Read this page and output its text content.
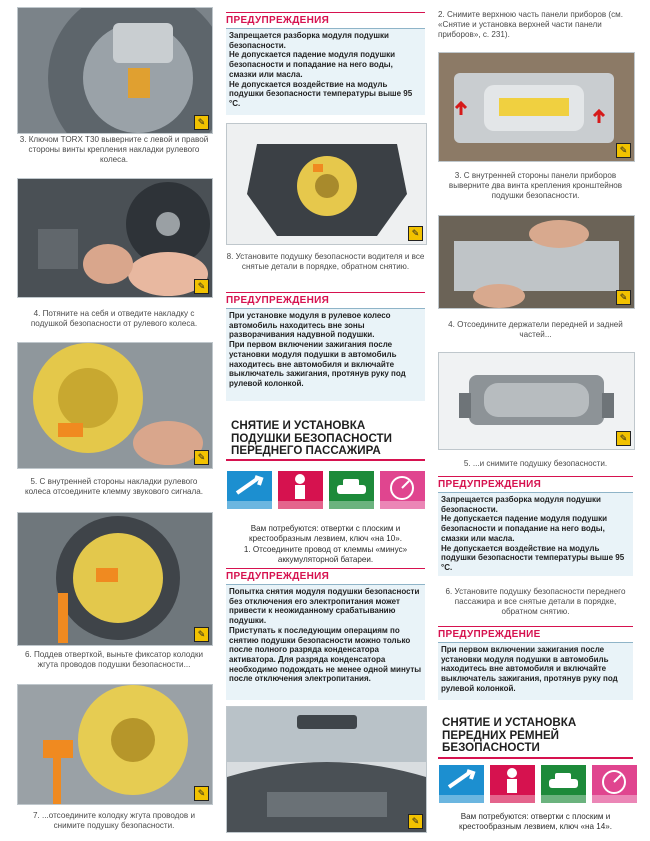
✎
3. Ключом TORX T30 выверните с левой и правой стороны винты крепления накладки рулевого колеса.
✎
4. Потяните на себя и отведите накладку с подушкой безопасности от рулевого колеса.
✎
5. С внутренней стороны накладки рулевого колеса отсоедините клемму звукового сигнала.
✎
6. Поддев отверткой, выньте фиксатор колодки жгута проводов подушки безопасности...
✎
7. ...отсоедините колодку жгута проводов и снимите подушку безопасности.
ПРЕДУПРЕЖДЕНИЯ

Запрещается разборка модуля подушки безопасности.

Не допускается падение модуля подушки безопасности и попадание на него воды, смазки или масла.

Не допускается воздействие на модуль подушки безопасности температуры выше 95 °С.

✎
8. Установите подушку безопасности водителя и все снятые детали в порядке, обратном снятию.
ПРЕДУПРЕЖДЕНИЯ

При установке модуля в рулевое колесо автомобиль находитесь вне зоны разворачивания надувной подушки.

При первом включении зажигания после установки модуля подушки в автомобиль находитесь вне автомобиля и включайте выключатель зажигания, протянув руку под рулевой колонкой.

СНЯТИЕ И УСТАНОВКА ПОДУШКИ БЕЗОПАСНОСТИ ПЕРЕДНЕГО ПАССАЖИРА
Вам потребуются: отвертки с плоским и крестообразным лезвием, ключ «на 10».
1. Отсоедините провод от клеммы «минус» аккумуляторной батареи.
ПРЕДУПРЕЖДЕНИЯ

Попытка снятия модуля подушки безопасности без отключения его электропитания может привести к неожиданному срабатыванию подушки.

Приступать к последующим операциям по снятию подушки безопасности можно только после полного разряда конденсатора активатора. Для разряда конденсатора необходимо подождать не менее одной минуты после отключения электропитания.

✎
2. Снимите верхнюю часть панели приборов (см. «Снятие и установка верхней части панели приборов», с. 231).
✎
3. С внутренней стороны панели приборов выверните два винта крепления кронштейнов подушки безопасности.
✎
4. Отсоедините держатели передней и задней частей...
✎
5. ...и снимите подушку безопасности.
ПРЕДУПРЕЖДЕНИЯ

Запрещается разборка модуля подушки безопасности.

Не допускается падение модуля подушки безопасности и попадание на него воды, смазки или масла.

Не допускается воздействие на модуль подушки безопасности температуры выше 95 °С.

6. Установите подушку безопасности переднего пассажира и все снятые детали в порядке, обратном снятию.
ПРЕДУПРЕЖДЕНИЕ

При первом включении зажигания после установки модуля подушки в автомобиль находитесь вне автомобиля и включайте выключатель зажигания, протянув руку под рулевой колонкой.

СНЯТИЕ И УСТАНОВКА ПЕРЕДНИХ РЕМНЕЙ БЕЗОПАСНОСТИ
Вам потребуются: отвертки с плоским и крестообразным лезвием, ключ «на 14».
